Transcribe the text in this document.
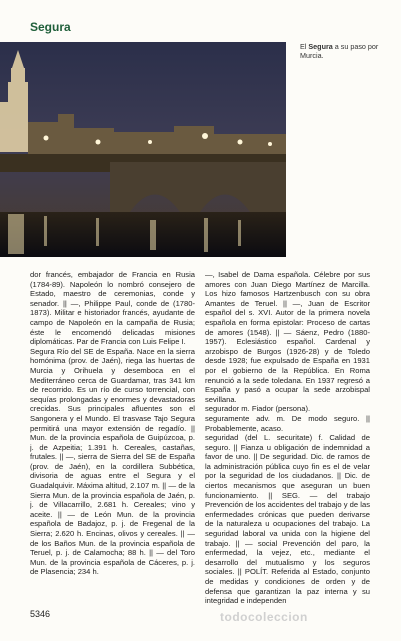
Segura
El Segura a su paso por Murcia.

dor francés, embajador de Francia en Rusia (1784-89). Napoleón lo nombró consejero de Estado, maestro de ceremonias, conde y senador. || —, Philippe Paul, conde de (1780-1873). Militar e historiador francés, ayudante de campo de Napoleón en la campaña de Rusia; éste le encomendó delicadas misiones diplomáticas. Par de Francia con Luis Felipe I.

Segura Río del SE de España. Nace en la sierra homónima (prov. de Jaén), riega las huertas de Murcia y Orihuela y desemboca en el Mediterráneo cerca de Guardamar, tras 341 km de recorrido. Es un río de curso torrencial, con sequías prolongadas y enormes y devastadoras crecidas. Sus principales afluentes son el Sangonera y el Mundo. El trasvase Tajo Segura permitirá una mayor extensión de regadío. || Mun. de la provincia española de Guipúzcoa, p. j. de Azpeitia; 1.391 h. Cereales, castañas, frutales. || —, sierra de Sierra del SE de España (prov. de Jaén), en la cordillera Subbética, divisoria de aguas entre el Segura y el Guadalquivir. Máxima altitud, 2.107 m. || — de la Sierra Mun. de la provincia española de Jaén, p. j. de Villacarrillo, 2.681 h. Cereales; vino y aceite. || — de León Mun. de la provincia española de Badajoz, p. j. de Fregenal de la Sierra; 2.620 h. Encinas, olivos y cereales. || — de los Baños Mun. de la provincia española de Teruel, p. j. de Calamocha; 88 h. || — del Toro Mun. de la provincia española de Cáceres, p. j. de Plasencia; 234 h.

—, Isabel de Dama española. Célebre por sus amores con Juan Diego Martínez de Marcilla. Los hizo famosos Hartzenbusch con su obra Amantes de Teruel. || —, Juan de Escritor español del s. XVI. Autor de la primera novela española en forma epistolar: Proceso de cartas de amores (1548). || — Sáenz, Pedro (1880-1957). Eclesiástico español. Cardenal y arzobispo de Burgos (1926-28) y de Toledo desde 1928; fue expulsado de España en 1931 por el gobierno de la República. En Roma renunció a la sede toledana. En 1937 regresó a España y pasó a ocupar la sede arzobispal sevillana.

segurador m. Fiador (persona).

seguramente adv. m. De modo seguro. || Probablemente, acaso.

seguridad (del L. securitate) f. Calidad de seguro. || Fianza u obligación de indemnidad a favor de uno. || De seguridad. Dic. de ramos de la administración pública cuyo fin es el de velar por la seguridad de los ciudadanos. || Dic. de ciertos mecanismos que aseguran un buen funcionamiento. || SEG. — del trabajo Prevención de los accidentes del trabajo y de las enfermedades crónicas que pueden derivarse de la naturaleza u ocupaciones del trabajo. La seguridad laboral va unida con la higiene del trabajo. || — social Prevención del paro, la enfermedad, la vejez, etc., mediante el desarrollo del mutualismo y los seguros sociales. || POLÍT. Referida al Estado, conjunto de medidas y condiciones de orden y de defensa que garantizan la paz interna y su integridad e independen

5346	todocoleccion
